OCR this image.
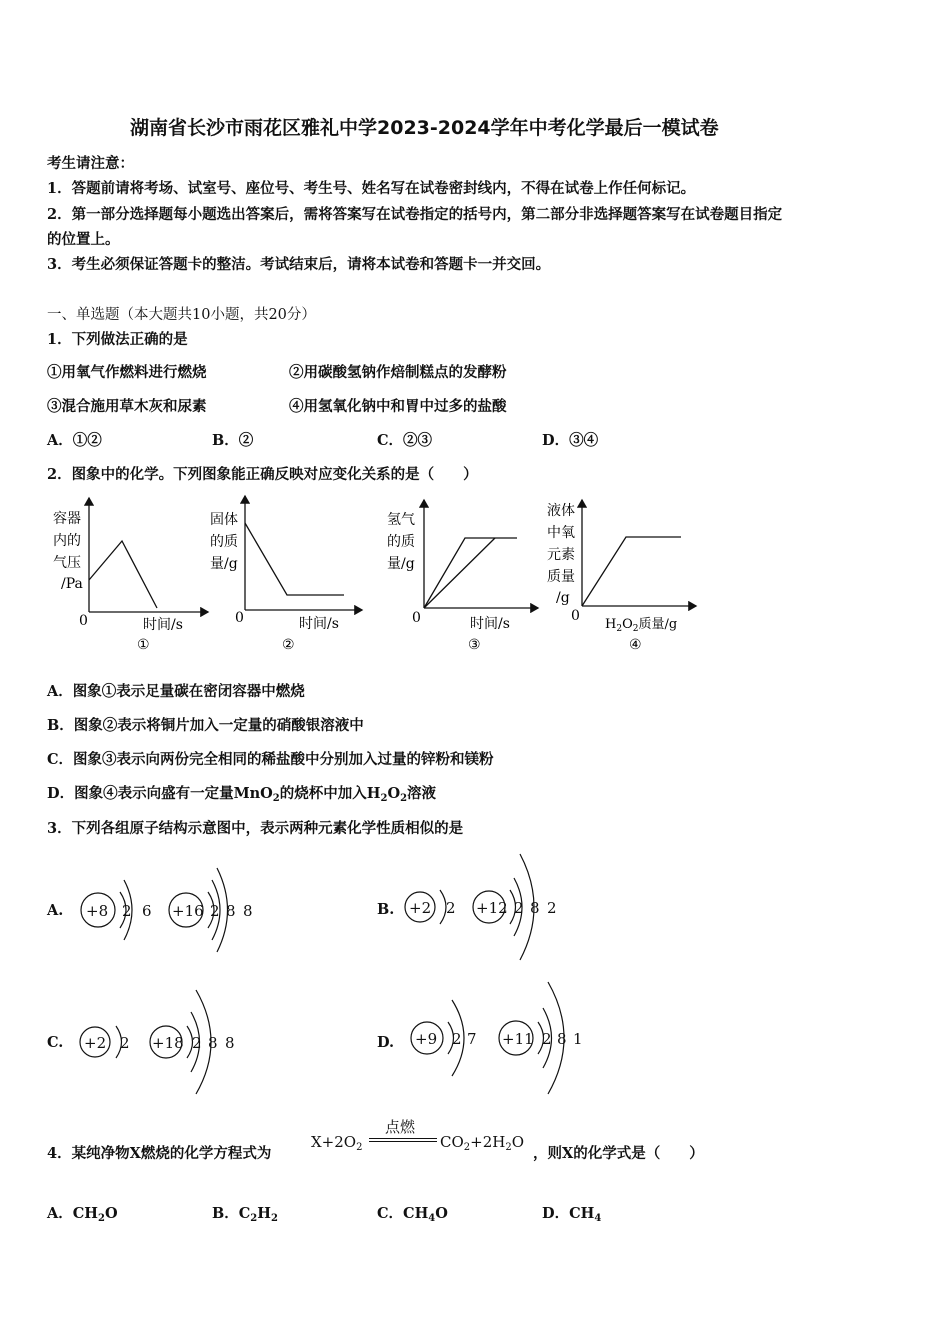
湖南省长沙市雨花区雅礼中学2023-2024学年中考化学最后一模试卷
考生请注意：
1．答题前请将考场、试室号、座位号、考生号、姓名写在试卷密封线内，不得在试卷上作任何标记。
2．第一部分选择题每小题选出答案后，需将答案写在试卷指定的括号内，第二部分非选择题答案写在试卷题目指定
的位置上。
3．考生必须保证答题卡的整洁。考试结束后，请将本试卷和答题卡一并交回。
一、单选题（本大题共10小题，共20分）
1．下列做法正确的是
①用氧气作燃料进行燃烧	②用碳酸氢钠作焙制糕点的发酵粉
③混合施用草木灰和尿素	④用氢氧化钠中和胃中过多的盐酸
A．①②	B．②	C．②③	D．③④
2．图象中的化学。下列图象能正确反映对应变化关系的是（　　）
容器
内的
气压
/Pa
0	时间/s
①
固体
的质
量/g
0	时间/s
②
氢气
的质
量/g
0	时间/s
③
液体
中氧
元素
质量
/g
0
$H_2O_2$质量/g
④
A．图象①表示足量碳在密闭容器中燃烧
B．图象②表示将铜片加入一定量的硝酸银溶液中
C．图象③表示向两份完全相同的稀盐酸中分别加入过量的锌粉和镁粉
D．图象④表示向盛有一定量MnO$_2$的烧杯中加入$H_2O_2$溶液
3．下列各组原子结构示意图中，表示两种元素化学性质相似的是
A. +8 2 6 +16 2 8 8	B. +2 2 +12 2 8 2
C. +2 2 +18 2 8 8	D. +9 2 7 +11 2 8 1
4．某纯净物X燃烧的化学方程式为
$X+2O_2$
点燃
$CO_2+2H_2O$
，则X的化学式是（　　）
A．$CH_2O$	B．$C_2H_2$	C．$CH_4O$	D．$CH_4$
